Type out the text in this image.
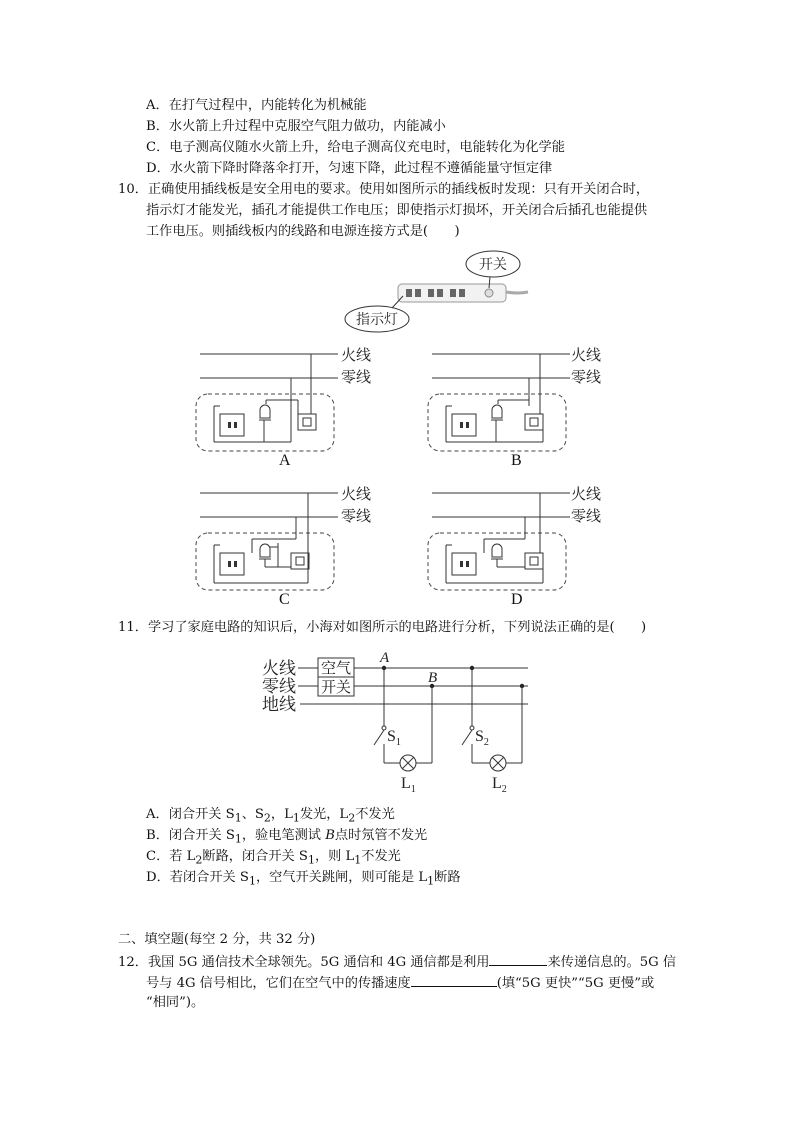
A．在打气过程中，内能转化为机械能
B．水火箭上升过程中克服空气阻力做功，内能减小
C．电子测高仪随水火箭上升，给电子测高仪充电时，电能转化为化学能
D．水火箭下降时降落伞打开，匀速下降，此过程不遵循能量守恒定律
10．正确使用插线板是安全用电的要求。使用如图所示的插线板时发现：只有开关闭合时，
指示灯才能发光，插孔才能提供工作电压；即使指示灯损坏，开关闭合后插孔也能提供
工作电压。则插线板内的线路和电源连接方式是(　　)
开关
指示灯
火线
零线
A
火线
零线
B
火线
零线
C
火线
零线
D
11．学习了家庭电路的知识后，小海对如图所示的电路进行分析，下列说法正确的是(　　)
火线
零线
地线
空气
开关
A
B
$S_1$
$L_1$
$S_2$
$L_2$
A．闭合开关 $S_1$、$S_2$，$L_1$发光，$L_2$不发光
B．闭合开关 $S_1$，验电笔测试 B点时氖管不发光
C．若 $L_2$断路，闭合开关 $S_1$，则 $L_1$不发光
D．若闭合开关 $S_1$，空气开关跳闸，则可能是 $L_1$断路
二、填空题(每空 2 分，共 32 分)
12．我国 5G 通信技术全球领先。5G 通信和 4G 通信都是利用	来传递信息的。5G 信
号与 4G 信号相比，它们在空气中的传播速度	(填“5G 更快”“5G 更慢”或
“相同”)。
